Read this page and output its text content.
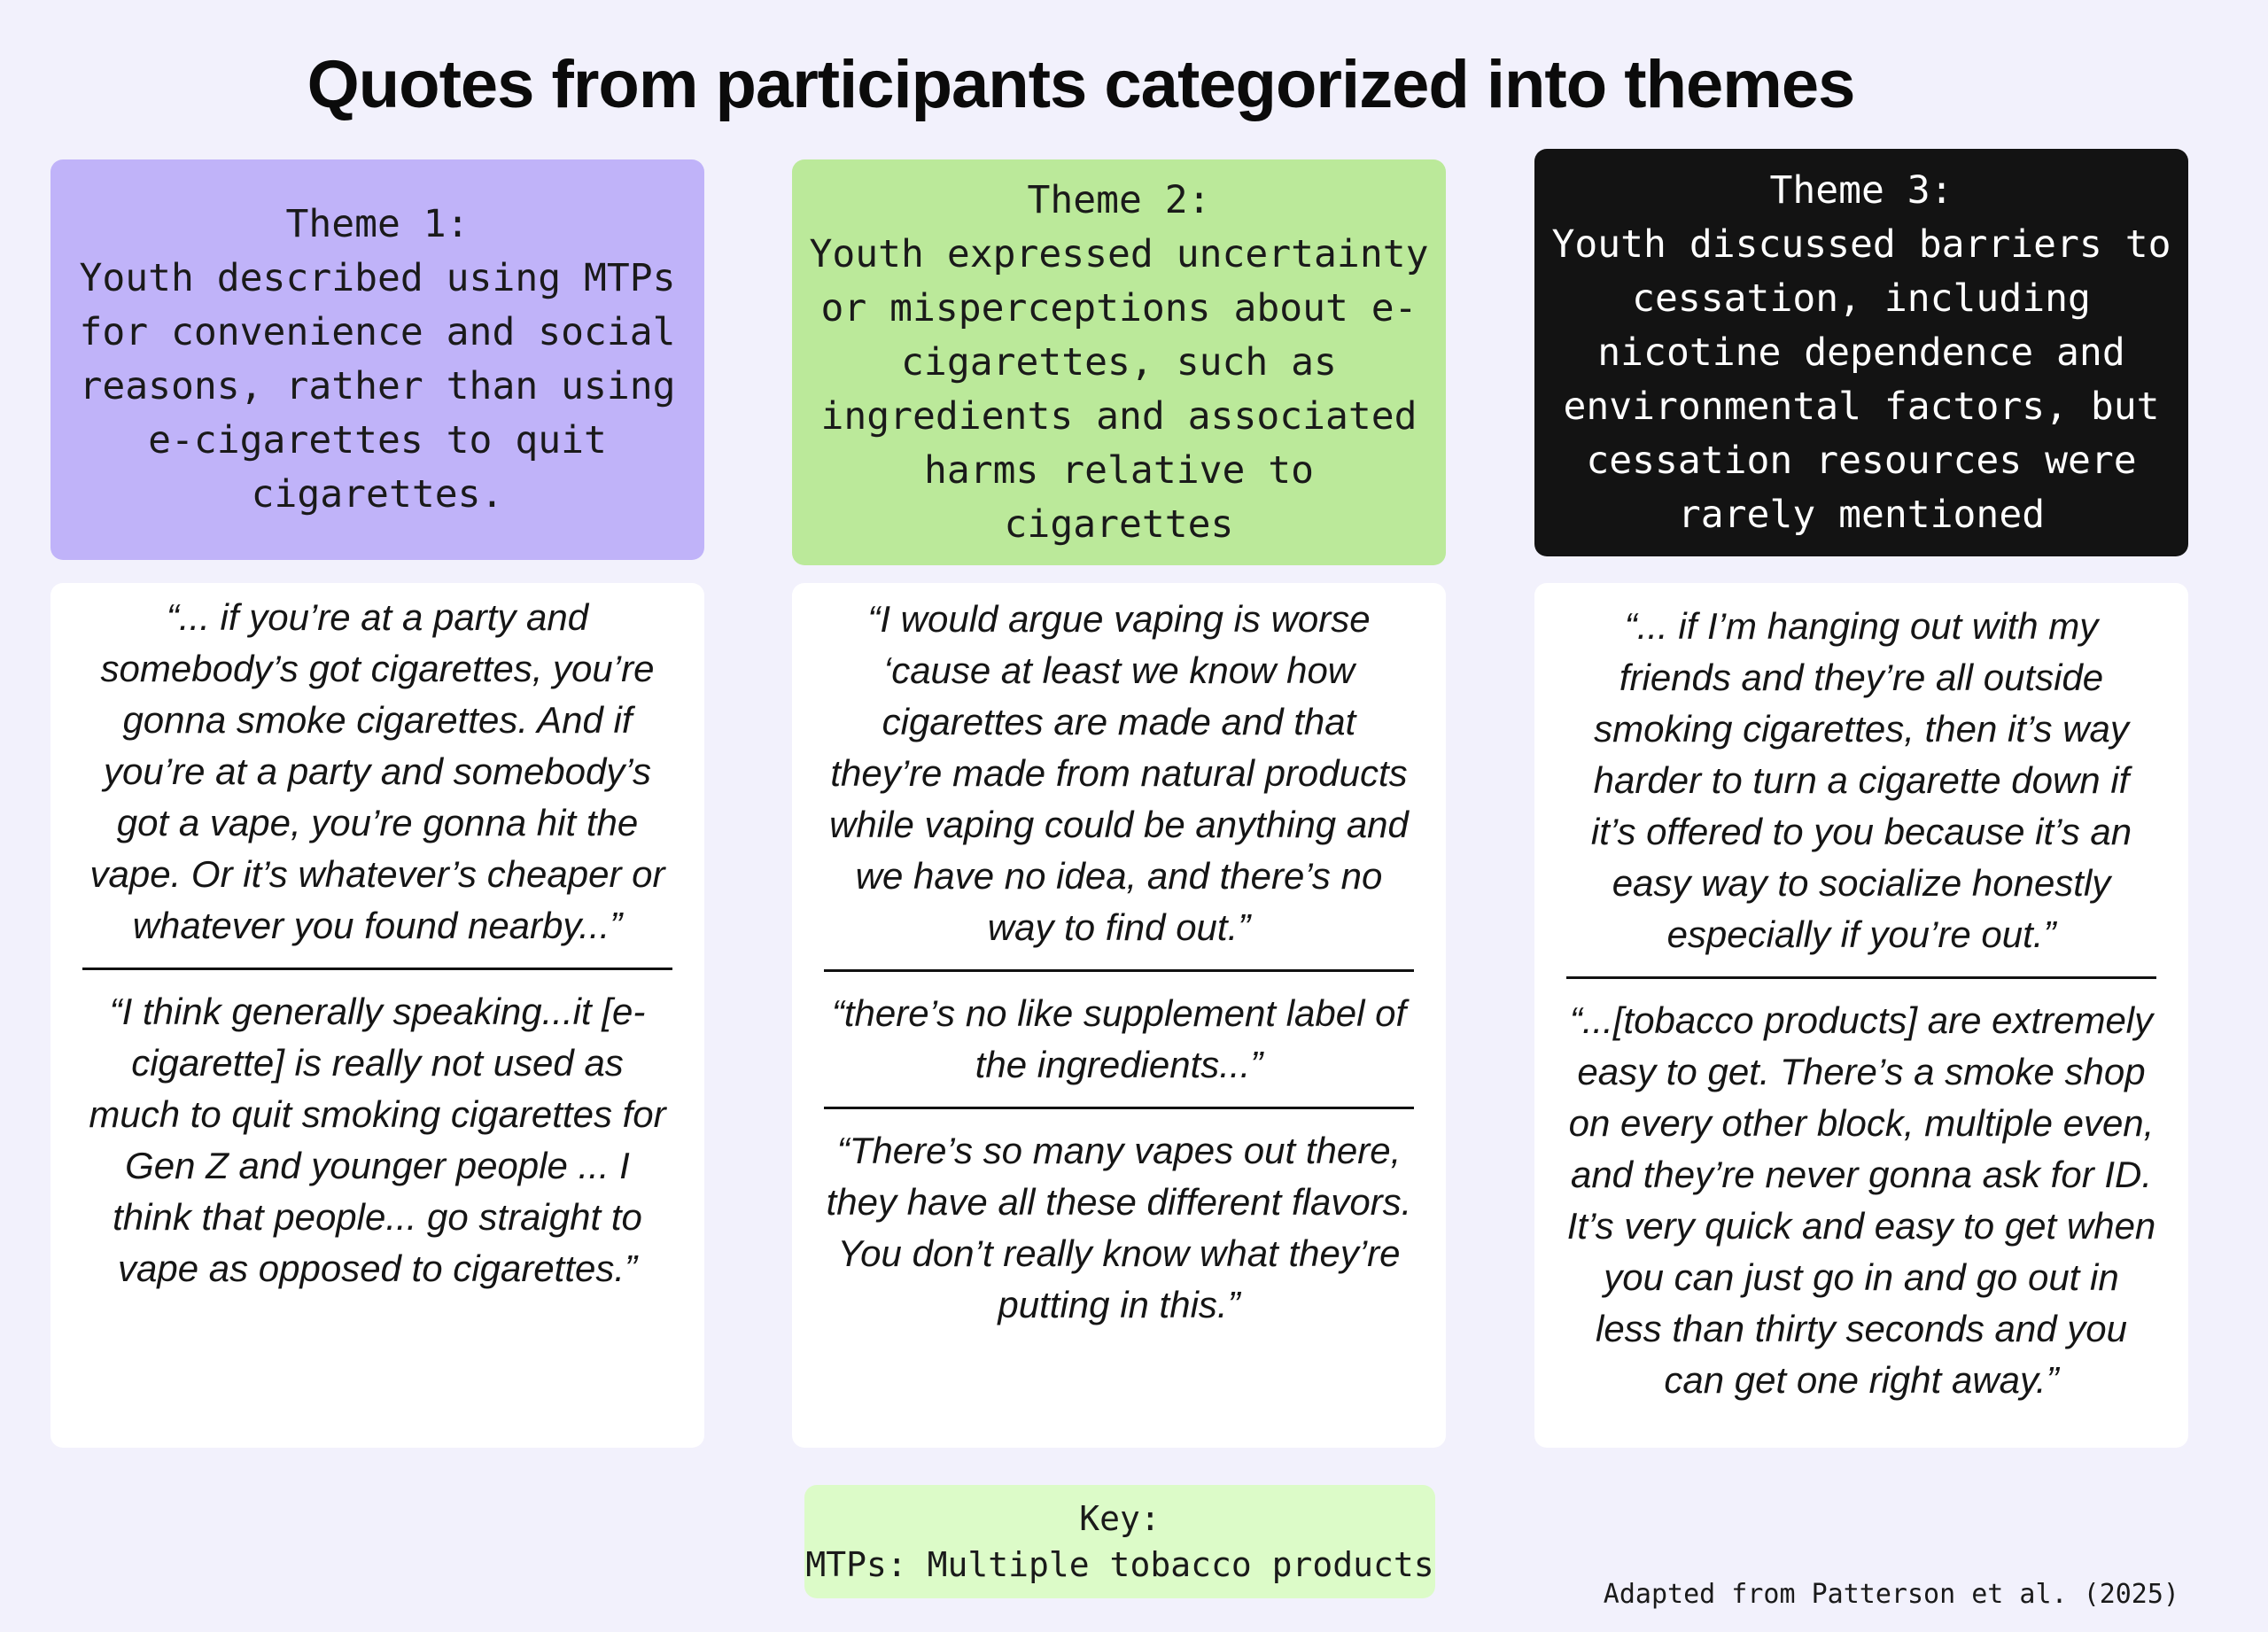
Quotes from participants categorized into themes
Theme 1:
Youth described using MTPs for convenience and social reasons, rather than using e-cigarettes to quit cigarettes.
Theme 2:
Youth expressed uncertainty or misperceptions about e-cigarettes, such as ingredients and associated harms relative to cigarettes
Theme 3:
Youth discussed barriers to cessation, including nicotine dependence and environmental factors, but cessation resources were rarely mentioned
“... if you’re at a party and somebody’s got cigarettes, you’re gonna smoke cigarettes. And if you’re at a party and somebody’s got a vape, you’re gonna hit the vape. Or it’s whatever’s cheaper or whatever you found nearby...”
“I think generally speaking...it [e-cigarette] is really not used as much to quit smoking cigarettes for Gen Z and younger people ... I think that people... go straight to vape as opposed to cigarettes.”
“I would argue vaping is worse ‘cause at least we know how cigarettes are made and that they’re made from natural products while vaping could be anything and we have no idea, and there’s no way to find out.”
“there’s no like supplement label of the ingredients...”
“There’s so many vapes out there, they have all these different flavors. You don’t really know what they’re putting in this.”
“... if I’m hanging out with my friends and they’re all outside smoking cigarettes, then it’s way harder to turn a cigarette down if it’s offered to you because it’s an easy way to socialize honestly especially if you’re out.”
“...[tobacco products] are extremely easy to get. There’s a smoke shop on every other block, multiple even, and they’re never gonna ask for ID. It’s very quick and easy to get when you can just go in and go out in less than thirty seconds and you can get one right away.”
Key:
MTPs: Multiple tobacco products
Adapted from Patterson et al. (2025)
